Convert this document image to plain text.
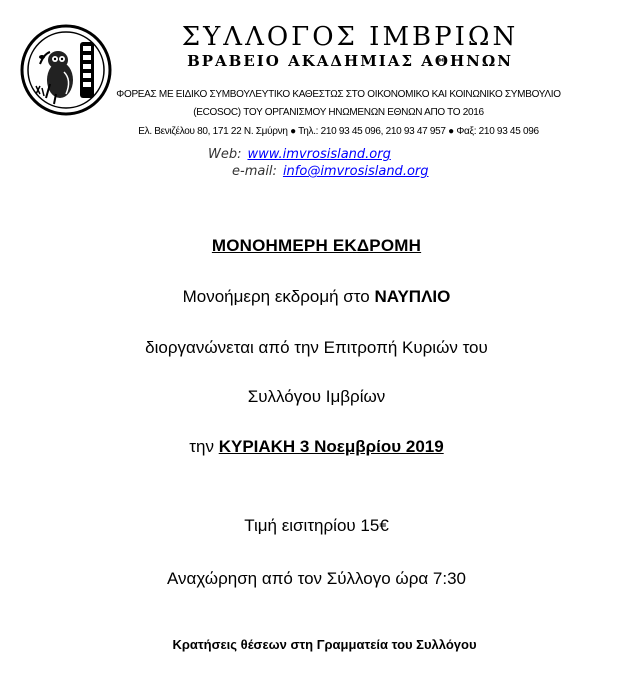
ΣΥΛΛΟΓΟΣ ΙΜΒΡΙΩΝ
ΒΡΑΒΕΙΟ ΑΚΑΔΗΜΙΑΣ ΑΘΗΝΩΝ
ΦΟΡΕΑΣ ΜΕ ΕΙΔΙΚΟ ΣΥΜΒΟΥΛΕΥΤΙΚΟ ΚΑΘΕΣΤΩΣ ΣΤΟ ΟΙΚΟΝΟΜΙΚΟ ΚΑΙ ΚΟΙΝΩΝΙΚΟ ΣΥΜΒΟΥΛΙΟ
(ECOSOC) ΤΟΥ ΟΡΓΑΝΙΣΜΟΥ ΗΝΩΜΕΝΩΝ ΕΘΝΩΝ ΑΠΟ ΤΟ 2016
Ελ. Βενιζέλου 80, 171 22 Ν. Σμύρνη ● Τηλ.: 210 93 45 096, 210 93 47 957 ● Φαξ: 210 93 45 096
Web: www.imvrosisland.org
e-mail: info@imvrosisland.org
ΜΟΝΟΗΜΕΡΗ ΕΚΔΡΟΜΗ
Μονοήμερη εκδρομή στο ΝΑΥΠΛΙΟ
διοργανώνεται από την Επιτροπή Κυριών του
Συλλόγου Ιμβρίων
την ΚΥΡΙΑΚΗ 3 Νοεμβρίου 2019
Τιμή εισιτηρίου 15€
Αναχώρηση από τον Σύλλογο ώρα 7:30
Κρατήσεις θέσεων στη Γραμματεία του Συλλόγου
